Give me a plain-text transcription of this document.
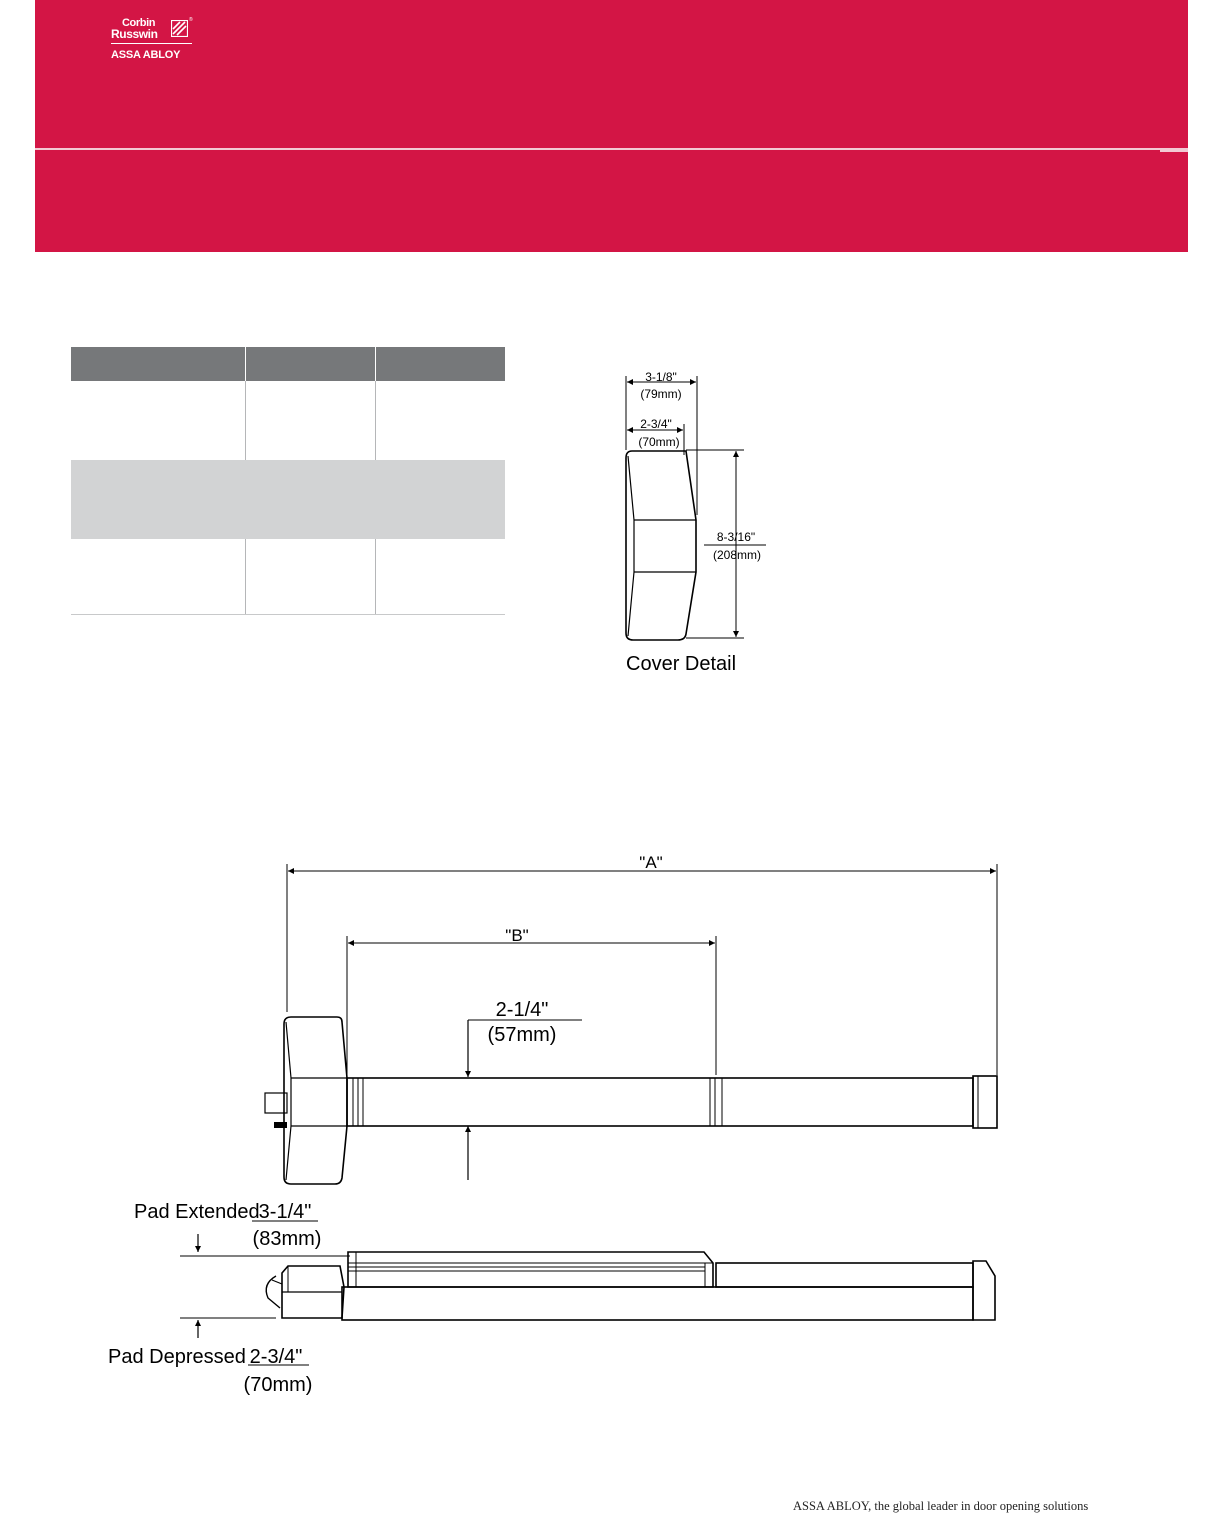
Corbin
Russwin
®
ASSA ABLOY
3-1/8"
(79mm)
2-3/4"
(70mm)
8-3/16"
(208mm)
Cover Detail
"A"
"B"
2-1/4"
(57mm)
Pad Extended 3-1/4"
(83mm)
Pad Depressed 2-3/4"
(70mm)
ASSA ABLOY, the global leader in door opening solutions
